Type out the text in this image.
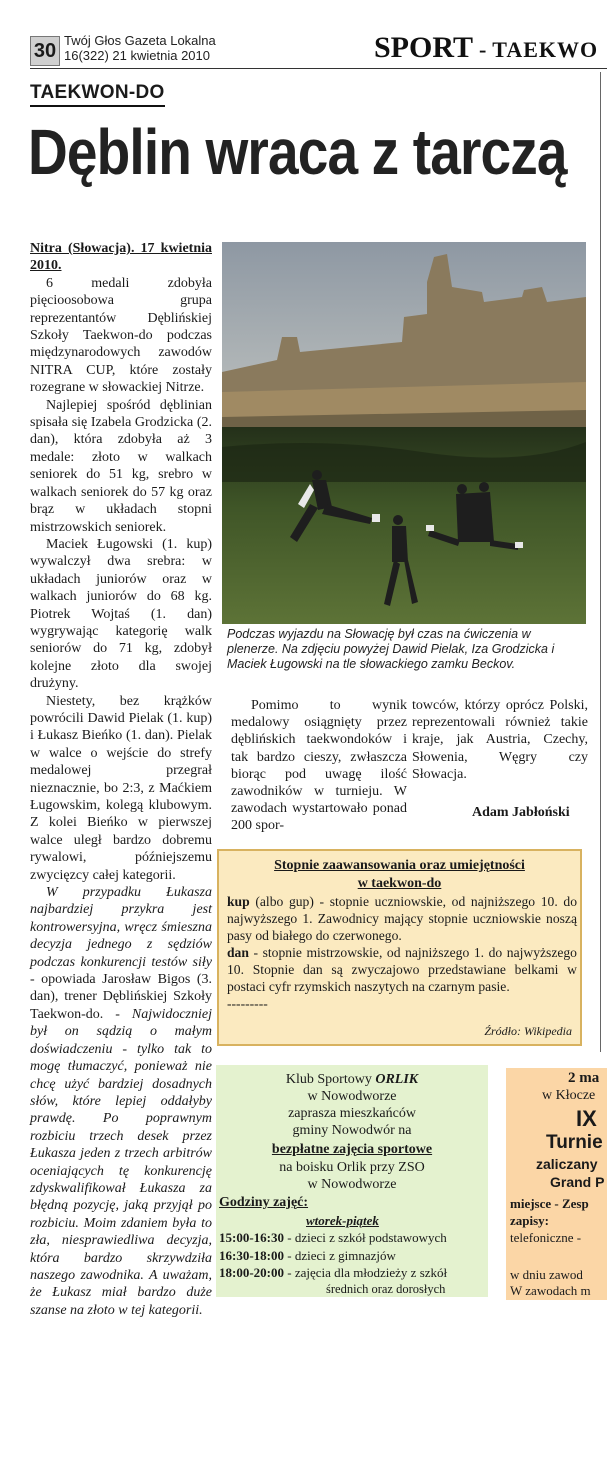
30 Twój Głos Gazeta Lokalna
16(322) 21 kwietnia 2010	SPORT - TAEKWO
TAEKWON-DO
Dęblin wraca z tarczą

Nitra (Słowacja). 17 kwietnia 2010.

6 medali zdobyła pięcioosobowa grupa reprezentantów Dęblińskiej Szkoły Taekwon-do podczas międzynarodowych zawodów NITRA CUP, które zostały rozegrane w słowackiej Nitrze.

Najlepiej spośród dęblinian spisała się Izabela Grodzicka (2. dan), która zdobyła aż 3 medale: złoto w walkach seniorek do 51 kg, srebro w walkach seniorek do 57 kg oraz brąz w układach stopni mistrzowskich seniorek.

Maciek Ługowski (1. kup) wywalczył dwa srebra: w układach juniorów oraz w walkach juniorów do 68 kg. Piotrek Wojtaś (1. dan) wygrywając kategorię walk seniorów do 71 kg, zdobył kolejne złoto dla swojej drużyny.

Niestety, bez krążków powrócili Dawid Pielak (1. kup) i Łukasz Bieńko (1. dan). Pielak w walce o wejście do strefy medalowej przegrał nieznacznie, bo 2:3, z Maćkiem Ługowskim, kolegą klubowym. Z kolei Bieńko w pierwszej walce uległ bardzo dobremu rywalowi, późniejszemu zwycięzcy całej kategorii.

W przypadku Łukasza najbardziej przykra jest kontrowersyjna, wręcz śmieszna decyzja jednego z sędziów podczas konkurencji testów siły - opowiada Jarosław Bigos (3. dan), trener Dęblińskiej Szkoły Taekwon-do. - Najwidoczniej był on sądzią o małym doświadczeniu - tylko tak to mogę tłumaczyć, ponieważ nie chcę użyć bardziej dosadnych słów, które lepiej oddałyby prawdę. Po poprawnym rozbiciu trzech desek przez Łukasza jeden z trzech arbitrów oceniających tę konkurencję zdyskwalifikował Łukasza za błędną pozycję, jaką przyjął po rozbiciu. Moim zdaniem była to zła, niesprawiedliwa decyzja, która bardzo skrzywdziła naszego zawodnika. A uważam, że Łukasz miał bardzo duże szanse na złoto w tej kategorii.

Podczas wyjazdu na Słowację był czas na ćwiczenia w plenerze. Na zdjęciu powyżej Dawid Pielak, Iza Grodzicka i Maciek Ługowski na tle słowackiego zamku Beckov.

Pomimo to wynik medalowy osiągnięty przez dęblińskich taekwondoków i tak bardzo cieszy, zwłaszcza biorąc pod uwagę ilość zawodników w turnieju. W zawodach wystartowało ponad 200 spor-

towców, którzy oprócz Polski, reprezentowali również takie kraje, jak Austria, Czechy, Słowenia, Węgry czy Słowacja.

Adam Jabłoński
Stopnie zaawansowania oraz umiejętności
w taekwon-do
kup (albo gup) - stopnie uczniowskie, od najniższego 10. do najwyższego 1. Zawodnicy mający stopnie uczniowskie noszą pasy od białego do czerwonego.
dan - stopnie mistrzowskie, od najniższego 1. do najwyższego 10. Stopnie dan są zwyczajowo przedstawiane belkami w postaci cyfr rzymskich naszytych na czarnym pasie.
---------
Źródło: Wikipedia
Klub Sportowy ORLIK
w Nowodworze
zaprasza mieszkańców
gminy Nowodwór na
bezpłatne zajęcia sportowe
na boisku Orlik przy ZSO
w Nowodworze
Godziny zajęć:
wtorek-piątek
15:00-16:30 - dzieci z szkół podstawowych
16:30-18:00 - dzieci z gimnazjów
18:00-20:00 - zajęcia dla młodzieży z szkół
średnich oraz dorosłych
2 ma
w Kłocze
IX
Turnie
zaliczany
Grand P
miejsce - Zesp
zapisy:
telefoniczne -
w dniu zawod
W zawodach m
